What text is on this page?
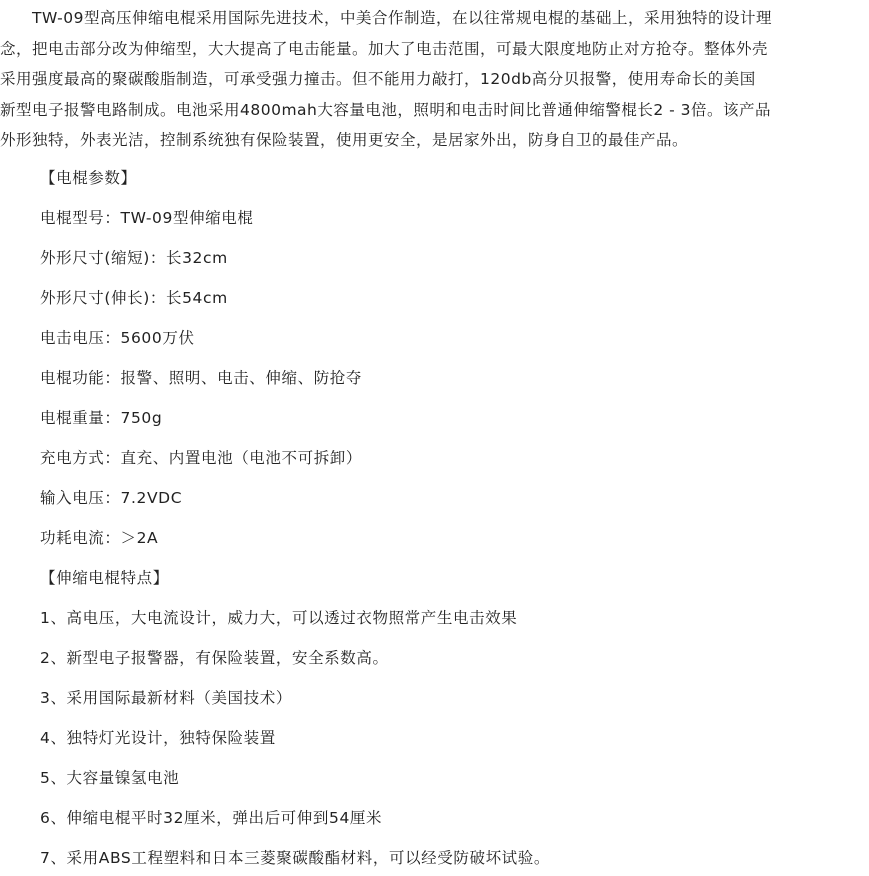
　　TW-09型高压伸缩电棍采用国际先进技术，中美合作制造，在以往常规电棍的基础上，采用独特的设计理
念，把电击部分改为伸缩型，大大提高了电击能量。加大了电击范围，可最大限度地防止对方抢夺。整体外壳
采用强度最高的聚碳酸脂制造，可承受强力撞击。但不能用力敲打，120db高分贝报警，使用寿命长的美国
新型电子报警电路制成。电池采用4800mah大容量电池，照明和电击时间比普通伸缩警棍长2 - 3倍。该产品
外形独特，外表光洁，控制系统独有保险装置，使用更安全，是居家外出，防身自卫的最佳产品。
【电棍参数】
电棍型号：TW-09型伸缩电棍
外形尺寸(缩短)：长32cm
外形尺寸(伸长)：长54cm
电击电压：5600万伏
电棍功能：报警、照明、电击、伸缩、防抢夺
电棍重量：750g
充电方式：直充、内置电池（电池不可拆卸）
输入电压：7.2VDC
功耗电流：＞2A
【伸缩电棍特点】
1、高电压，大电流设计，威力大，可以透过衣物照常产生电击效果
2、新型电子报警器，有保险装置，安全系数高。
3、采用国际最新材料（美国技术）
4、独特灯光设计，独特保险装置
5、大容量镍氢电池
6、伸缩电棍平时32厘米，弹出后可伸到54厘米
7、采用ABS工程塑料和日本三菱聚碳酸酯材料，可以经受防破坏试验。
